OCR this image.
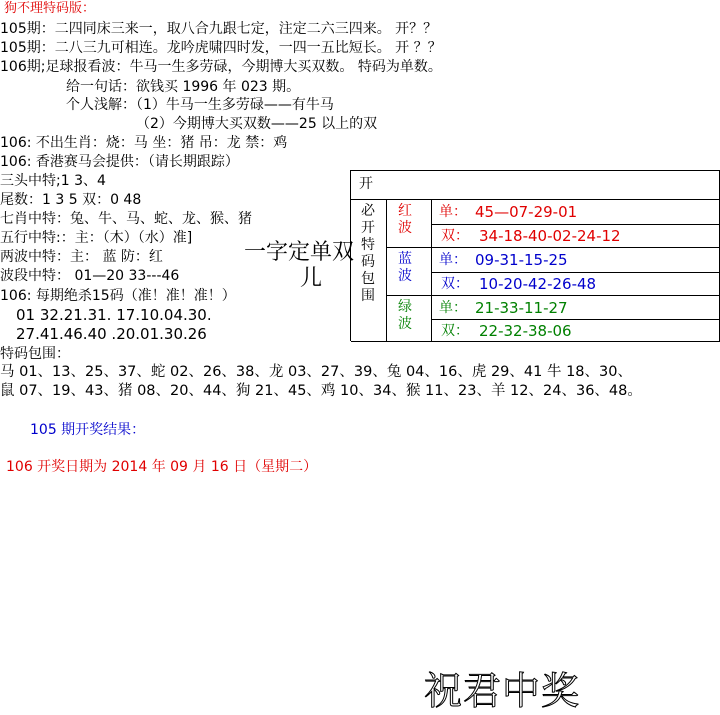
狗不理特码版：
105期：二四同床三来一，取八合九跟七定，注定二六三四来。 开？？
105期：二八三九可相连。龙吟虎啸四时发，一四一五比短长。 开 ？？
106期;足球报看波：牛马一生多劳碌，今期博大买双数。 特码为单数。
给一句话：欲钱买 1996 年 023 期。
个人浅解：（1）牛马一生多劳碌——有牛马
（2）今期博大买双数——25 以上的双
106: 不出生肖：烧：马 坐：猪 吊：龙 禁：鸡
106: 香港赛马会提供：（请长期跟踪）
三头中特;1 3、4
尾数：1 3 5 双：0 48
七肖中特：兔、牛、马、蛇、龙、猴、猪
五行中特:：主：（木）（水）准]
两波中特：主： 蓝 防：红
波段中特： 01—20 33---46
106: 每期绝杀15码（准！准！准！）
01 32.21.31. 17.10.04.30.
27.41.46.40 .20.01.30.26
特码包围：
马 01、13、25、37、蛇 02、26、38、龙 03、27、39、兔 04、16、虎 29、41 牛 18、30、
鼠 07、19、43、猪 08、20、44、狗 21、45、鸡 10、34、猴 11、23、羊 12、24、36、48。
一字定单双
儿
开
必开特码包围
红波
蓝波
绿波
单： 45—07-29-01
双： 34-18-40-02-24-12
单： 09-31-15-25
双： 10-20-42-26-48
单： 21-33-11-27
双： 22-32-38-06
105 期开奖结果：
106 开奖日期为 2014 年 09 月 16 日（星期二）
祝君中奖
